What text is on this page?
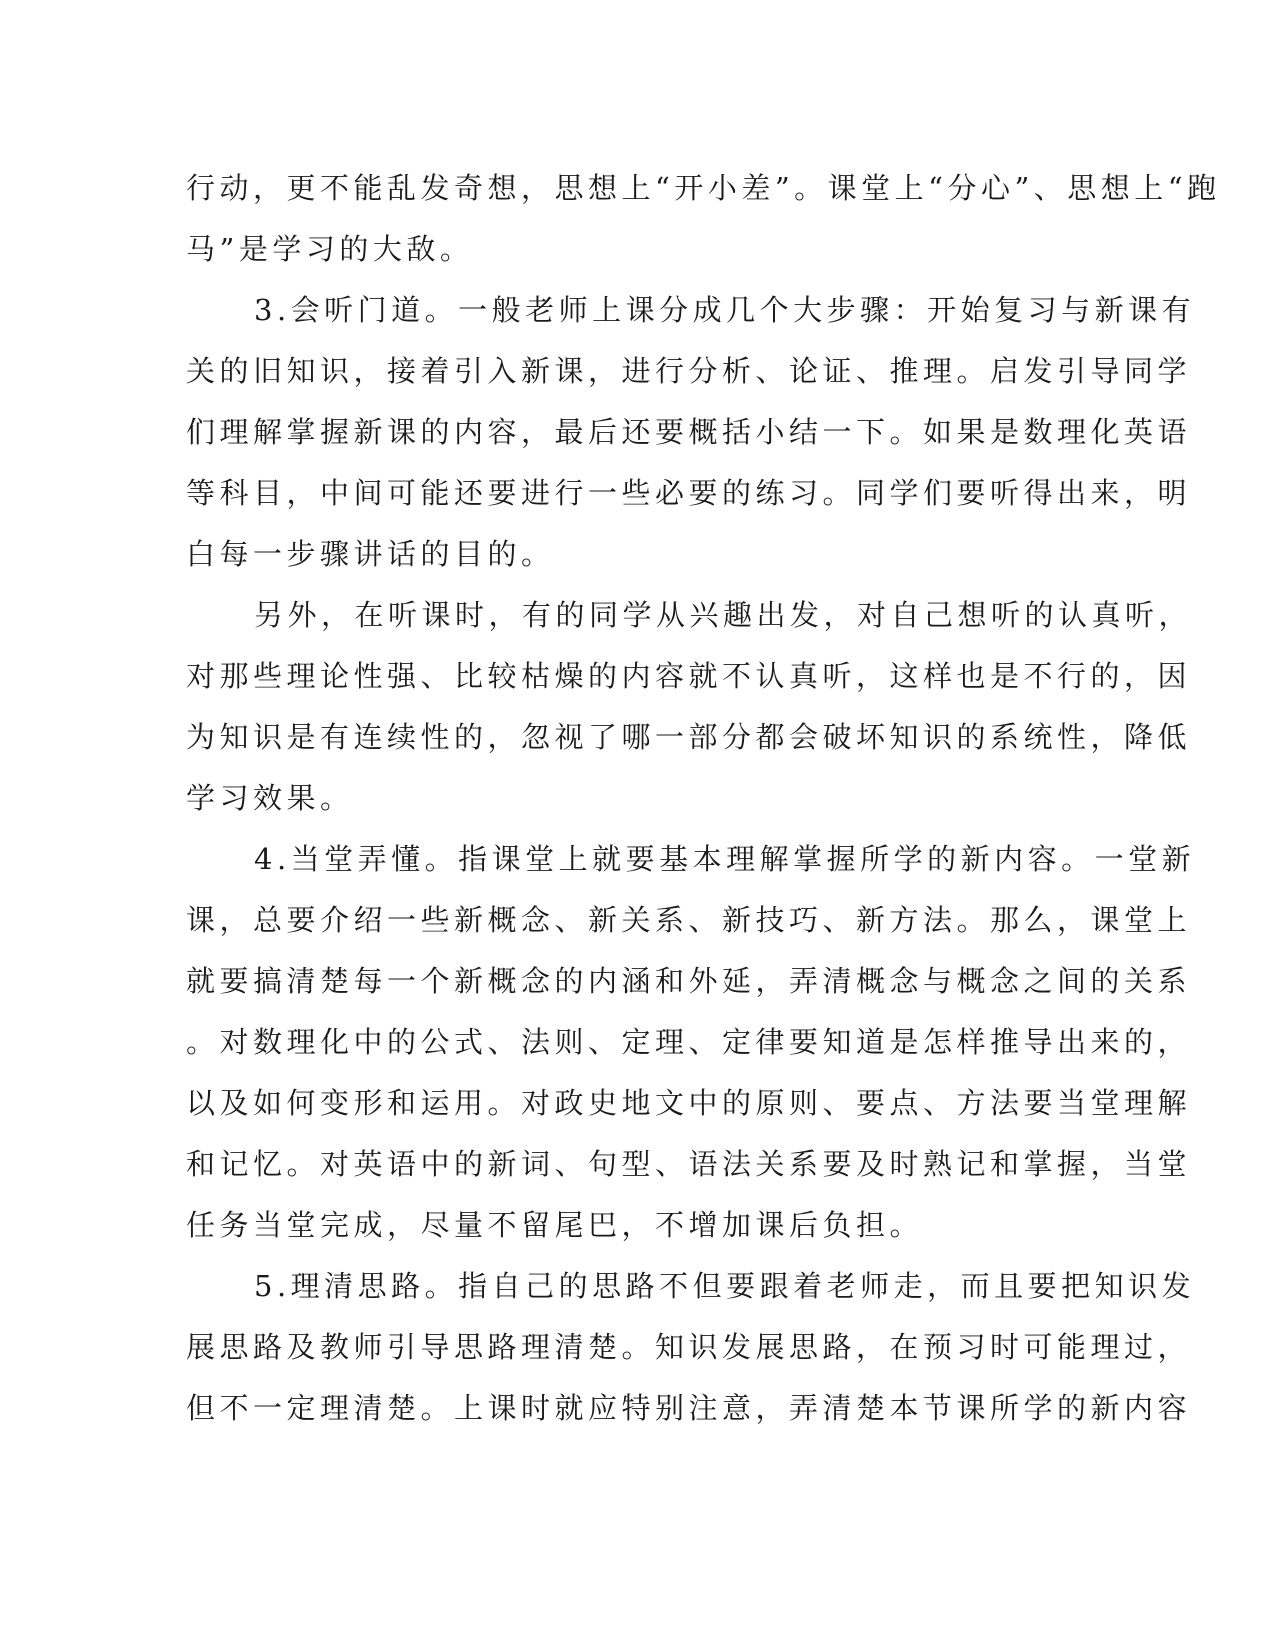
行动，更不能乱发奇想，思想上“开小差”。课堂上“分心”、思想上“跑
马”是学习的大敌。

3.会听门道。一般老师上课分成几个大步骤：开始复习与新课有
关的旧知识，接着引入新课，进行分析、论证、推理。启发引导同学
们理解掌握新课的内容，最后还要概括小结一下。如果是数理化英语
等科目，中间可能还要进行一些必要的练习。同学们要听得出来，明
白每一步骤讲话的目的。

另外，在听课时，有的同学从兴趣出发，对自己想听的认真听，
对那些理论性强、比较枯燥的内容就不认真听，这样也是不行的，因
为知识是有连续性的，忽视了哪一部分都会破坏知识的系统性，降低
学习效果。

4.当堂弄懂。指课堂上就要基本理解掌握所学的新内容。一堂新
课，总要介绍一些新概念、新关系、新技巧、新方法。那么，课堂上
就要搞清楚每一个新概念的内涵和外延，弄清概念与概念之间的关系
。对数理化中的公式、法则、定理、定律要知道是怎样推导出来的，
以及如何变形和运用。对政史地文中的原则、要点、方法要当堂理解
和记忆。对英语中的新词、句型、语法关系要及时熟记和掌握，当堂
任务当堂完成，尽量不留尾巴，不增加课后负担。

5.理清思路。指自己的思路不但要跟着老师走，而且要把知识发
展思路及教师引导思路理清楚。知识发展思路，在预习时可能理过，
但不一定理清楚。上课时就应特别注意，弄清楚本节课所学的新内容
